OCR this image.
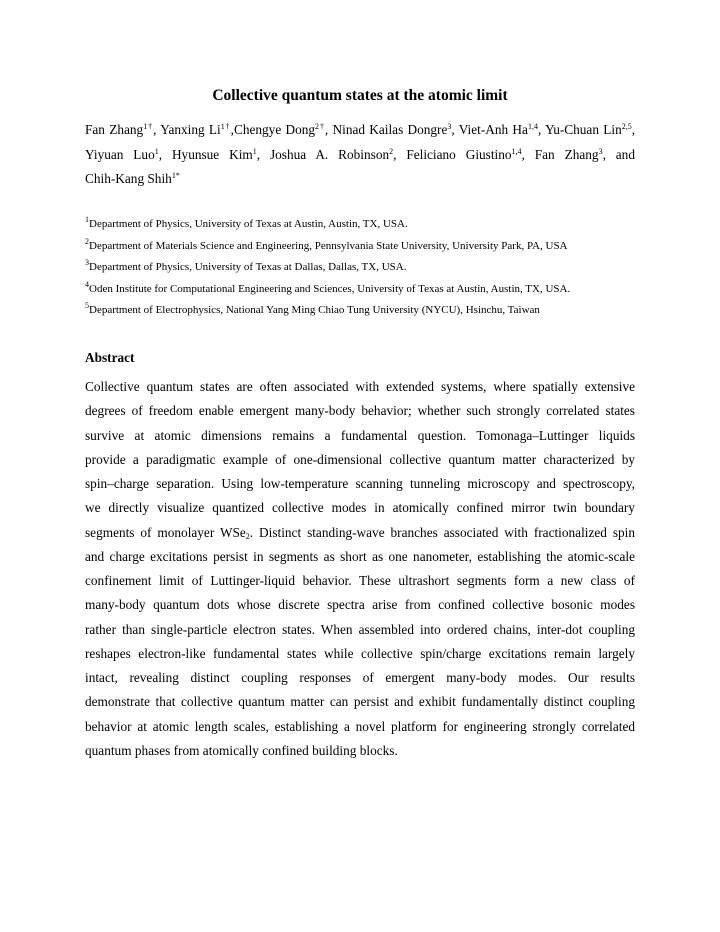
Collective quantum states at the atomic limit
Fan Zhang$^{1\dagger}$, Yanxing $Li^{1\dagger},Chengye$ Dong$^{2\dagger}$, Ninad Kailas Dongre$^3$, Viet-Anh Ha$^{1,4}$, Yu-Chuan Lin$^{2,5}$, Yiyuan Luo$^1$, Hyunsue Kim$^1$, Joshua A. Robinson$^2$, Feliciano Giustino$^{1,4}$, Fan Zhang$^3$, and Chih-Kang Shih$^{1*}$
$^1$Department of Physics, University of Texas at Austin, Austin, TX, USA.
$^2$Department of Materials Science and Engineering, Pennsylvania State University, University Park, PA, USA
$^3$Department of Physics, University of Texas at Dallas, Dallas, TX, USA.
$^4$Oden Institute for Computational Engineering and Sciences, University of Texas at Austin, Austin, TX, USA.
$^5$Department of Electrophysics, National Yang Ming Chiao Tung University (NYCU), Hsinchu, Taiwan
Abstract
Collective quantum states are often associated with extended systems, where spatially extensive
degrees of freedom enable emergent many-body behavior; whether such strongly correlated states
survive at atomic dimensions remains a fundamental question. Tomonaga–Luttinger liquids
provide a paradigmatic example of one-dimensional collective quantum matter characterized by
spin–charge separation. Using low-temperature scanning tunneling microscopy and spectroscopy,
we directly visualize quantized collective modes in atomically confined mirror twin boundary
segments of monolayer WSe$_2$. Distinct standing-wave branches associated with fractionalized spin
and charge excitations persist in segments as short as one nanometer, establishing the atomic-scale
confinement limit of Luttinger-liquid behavior. These ultrashort segments form a new class of
many-body quantum dots whose discrete spectra arise from confined collective bosonic modes
rather than single-particle electron states. When assembled into ordered chains, inter-dot coupling
reshapes electron-like fundamental states while collective spin/charge excitations remain largely
intact, revealing distinct coupling responses of emergent many-body modes. Our results
demonstrate that collective quantum matter can persist and exhibit fundamentally distinct coupling
behavior at atomic length scales, establishing a novel platform for engineering strongly correlated
quantum phases from atomically confined building blocks.
